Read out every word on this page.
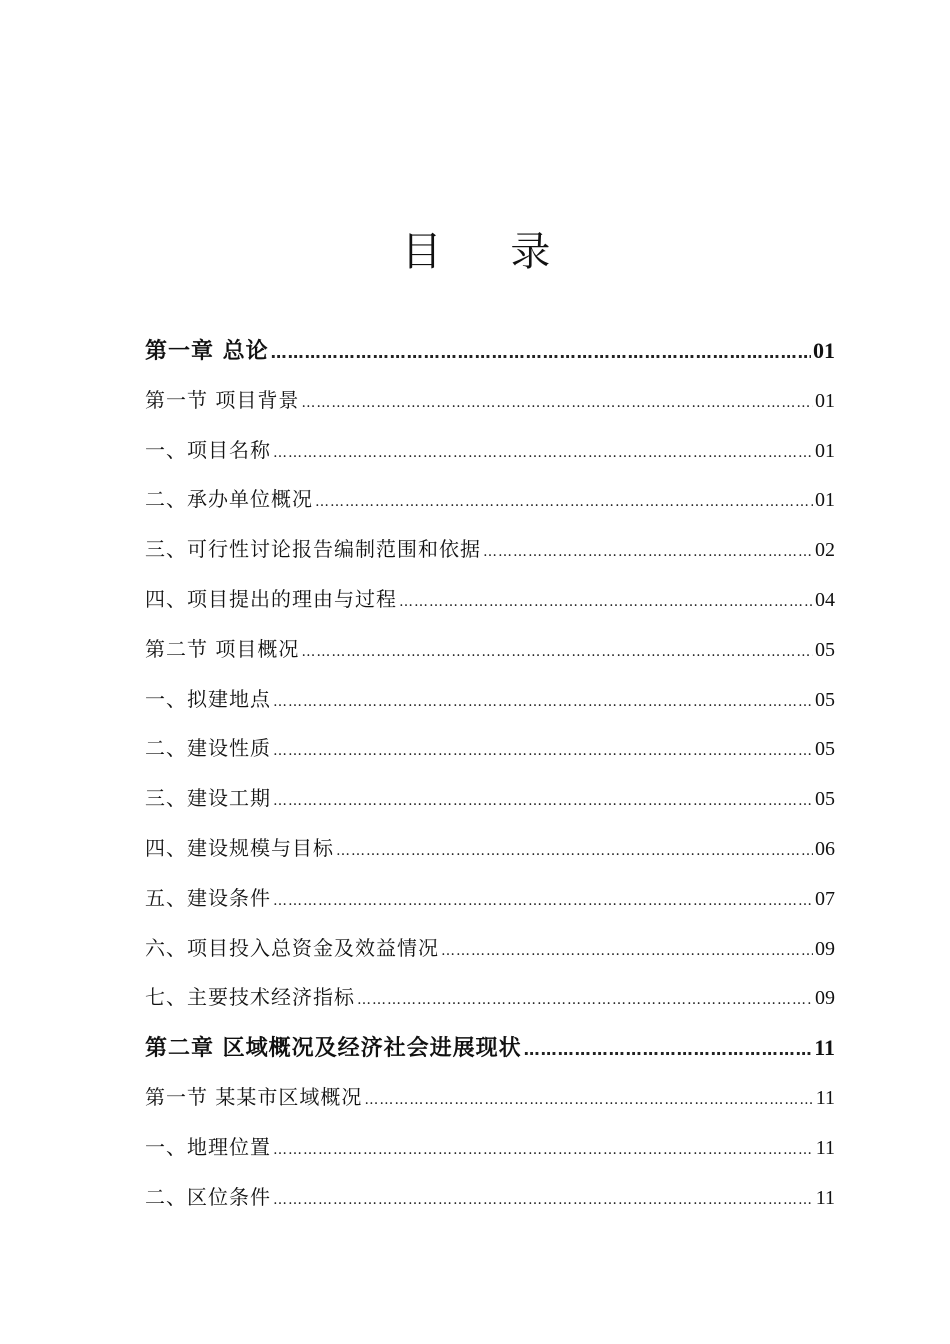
目 录
第一章 总论 ……………………………………………………………………………………………………………………………………………………………………………………	01
第一节 项目背景 ……………………………………………………………………………………………………………………………………………………………………………………	01
一、项目名称 ……………………………………………………………………………………………………………………………………………………………………………………	01
二、承办单位概况 ……………………………………………………………………………………………………………………………………………………………………………………	01
三、可行性讨论报告编制范围和依据 ……………………………………………………………………………………………………………………………………………………………………………………	02
四、项目提出的理由与过程 ……………………………………………………………………………………………………………………………………………………………………………………	04
第二节 项目概况 ……………………………………………………………………………………………………………………………………………………………………………………	05
一、拟建地点 ……………………………………………………………………………………………………………………………………………………………………………………	05
二、建设性质 ……………………………………………………………………………………………………………………………………………………………………………………	05
三、建设工期 ……………………………………………………………………………………………………………………………………………………………………………………	05
四、建设规模与目标 ……………………………………………………………………………………………………………………………………………………………………………………	06
五、建设条件 ……………………………………………………………………………………………………………………………………………………………………………………	07
六、项目投入总资金及效益情况 ……………………………………………………………………………………………………………………………………………………………………………………	09
七、主要技术经济指标 ……………………………………………………………………………………………………………………………………………………………………………………	09
第二章 区域概况及经济社会进展现状 ……………………………………………………………………………………………………………………………………………………………………………………	11
第一节 某某市区域概况 ……………………………………………………………………………………………………………………………………………………………………………………	11
一、地理位置 ……………………………………………………………………………………………………………………………………………………………………………………	11
二、区位条件 ……………………………………………………………………………………………………………………………………………………………………………………	11
